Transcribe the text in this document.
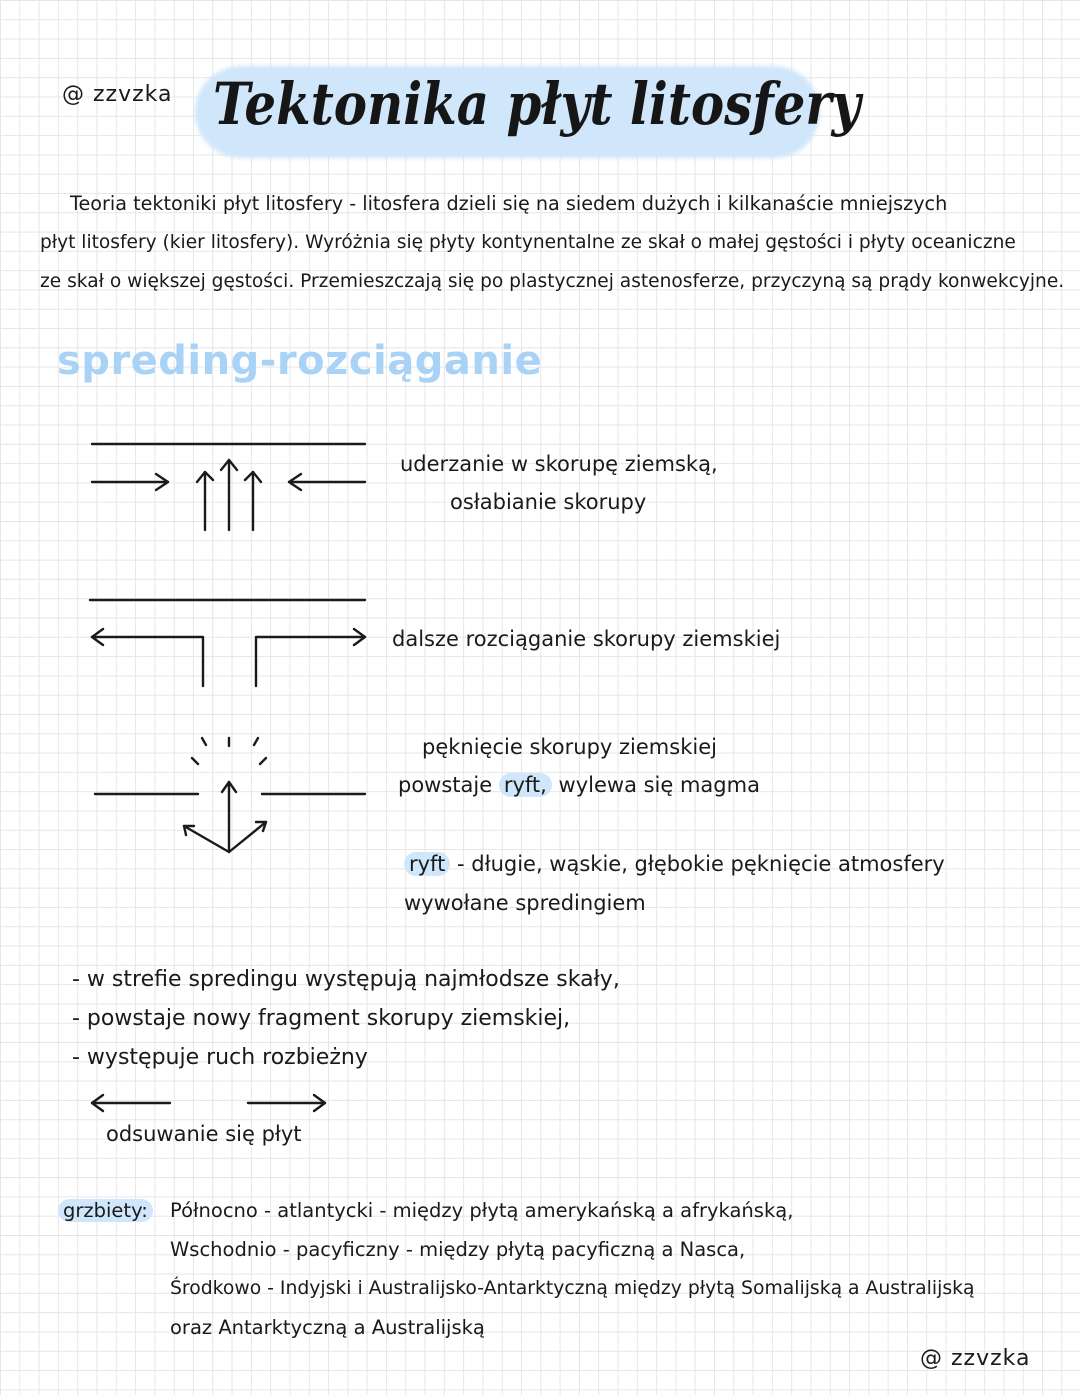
@ zzvzka Tektonika płyt litosfery
Teoria tektoniki płyt litosfery - litosfera dzieli się na siedem dużych i kilkanaście mniejszych
płyt litosfery (kier litosfery). Wyróżnia się płyty kontynentalne ze skał o małej gęstości i płyty oceaniczne
ze skał o większej gęstości. Przemieszczają się po plastycznej astenosferze, przyczyną są prądy konwekcyjne.
spreding-rozciąganie
uderzanie w skorupę ziemską,
osłabianie skorupy
dalsze rozciąganie skorupy ziemskiej
pęknięcie skorupy ziemskiej
powstaje ryft, wylewa się magma
ryft - długie, wąskie, głębokie pęknięcie atmosfery
wywołane spredingiem
- w strefie spredingu występują najmłodsze skały,
- powstaje nowy fragment skorupy ziemskiej,
- występuje ruch rozbieżny
odsuwanie się płyt
grzbiety: Północno - atlantycki - między płytą amerykańską a afrykańską,
Wschodnio - pacyficzny - między płytą pacyficzną a Nasca,
Środkowo - Indyjski i Australijsko-Antarktyczną między płytą Somalijską a Australijską
oraz Antarktyczną a Australijską
@ zzvzka
